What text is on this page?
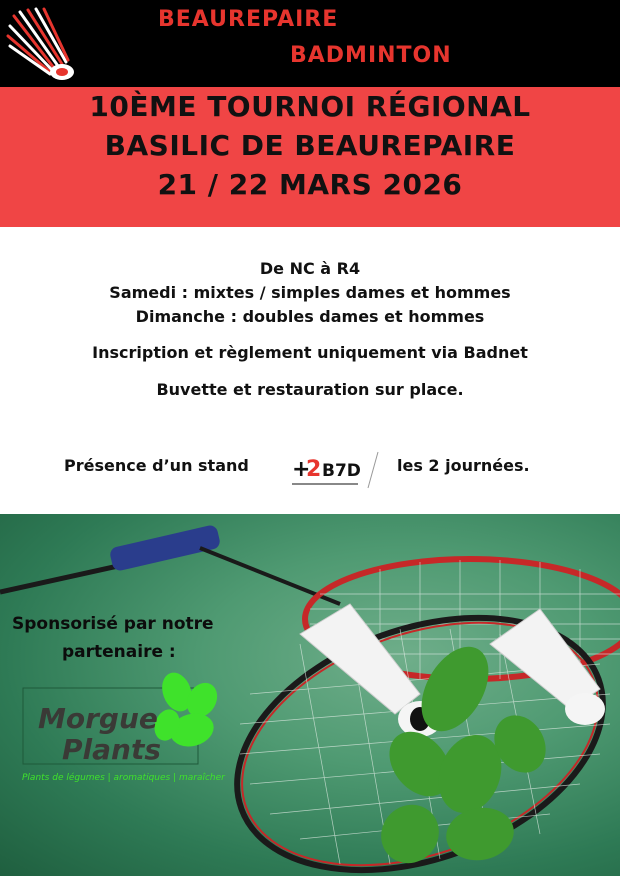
BEAUREPAIRE
BADMINTON
10ÈME TOURNOI RÉGIONAL
BASILIC DE BEAUREPAIRE
21 / 22 MARS 2026
De NC à R4
Samedi : mixtes / simples dames et hommes
Dimanche : doubles dames et hommes
Inscription et règlement uniquement via Badnet
Buvette et restauration sur place.
Présence d’un stand +
2 B7D les 2 journées.
Sponsorisé par notre
partenaire :
Morgue
Plants
Plants de légumes | aromatiques | maraîcher
